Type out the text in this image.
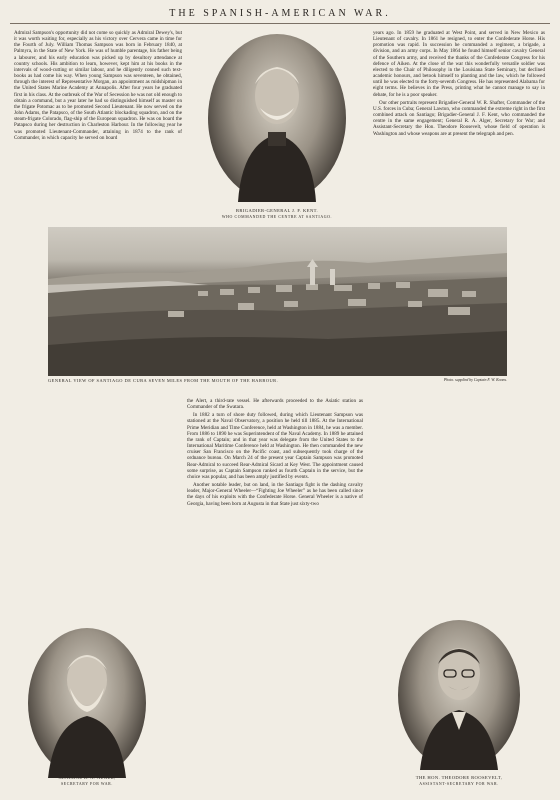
THE SPANISH-AMERICAN WAR.

Admiral Sampson's opportunity did not come so quickly as Admiral Dewey's, but it was worth waiting for, especially as his victory over Cervera came in time for the Fourth of July. William Thomas Sampson was born in February 1840, at Palmyra, in the State of New York. He was of humble parentage, his father being a labourer, and his early education was picked up by desultory attendance at country schools. His ambition to learn, however, kept him at his books in the intervals of wood-cutting or similar labour, and he diligently conned such text-books as had come his way. When young Sampson was seventeen, he obtained, through the interest of Representative Morgan, an appointment as midshipman in the United States Marine Academy at Annapolis. After four years he graduated first in his class. At the outbreak of the War of Secession he was not old enough to obtain a command, but a year later he had so distinguished himself as master on the frigate Potomac as to be promoted Second Lieutenant. He now served on the John Adams, the Patapsco, of the South Atlantic blockading squadron, and on the steam-frigate Colorado, flag-ship of the European squadron. He was on board the Patapsco during her destruction in Charleston Harbour. In the following year he was promoted Lieutenant-Commander, attaining in 1874 to the rank of Commander, in which capacity he served on board

BRIGADIER-GENERAL J. F. KENT.
WHO COMMANDED THE CENTRE AT SANTIAGO.

years ago. In 1859 he graduated at West Point, and served in New Mexico as Lieutenant of cavalry. In 1861 he resigned, to enter the Confederate Horse. His promotion was rapid. In succession he commanded a regiment, a brigade, a division, and an army corps. In May 1864 he found himself senior cavalry General of the Southern army, and received the thanks of the Confederate Congress for his defence of Aiken. At the close of the war this wonderfully versatile soldier was elected to the Chair of Philosophy in the Louisiana State Seminary, but declined academic honours, and betook himself to planting and the law, which he followed until he was elected to the forty-seventh Congress. He has represented Alabama for eight terms. He believes in the Press, printing what he cannot manage to say in debate, for he is a poor speaker.

Our other portraits represent Brigadier-General W. R. Shafter, Commander of the U.S. forces in Cuba; General Lawton, who commanded the extreme right in the first combined attack on Santiago; Brigadier-General J. F. Kent, who commanded the centre in the same engagement; General R. A. Alger, Secretary for War; and Assistant-Secretary the Hon. Theodore Roosevelt, whose field of operation is Washington and whose weapons are at present the telegraph and pen.

GENERAL VIEW OF SANTIAGO DE CUBA SEVEN MILES FROM THE MOUTH OF THE HARBOUR.	Photo. supplied by Captain F. W. Koons.
GENERAL R. A. ALGER,
SECRETARY FOR WAR.

the Alert, a third-rate vessel. He afterwards proceeded to the Asiatic station as Commander of the Swatara.

In 1882 a turn of shore duty followed, during which Lieutenant Sampson was stationed at the Naval Observatory, a position he held till 1885. At the International Prime Meridian and Time Conference, held at Washington in 1884, he was a member. From 1886 to 1890 he was Superintendent of the Naval Academy. In 1889 he attained the rank of Captain; and in that year was delegate from the United States to the International Maritime Conference held at Washington. He then commanded the new cruiser San Francisco on the Pacific coast, and subsequently took charge of the ordnance bureau. On March 24 of the present year Captain Sampson was promoted Rear-Admiral to succeed Rear-Admiral Sicard at Key West. The appointment caused some surprise, as Captain Sampson ranked as fourth Captain in the service, but the choice was popular, and has been amply justified by events.

Another notable leader, but on land, in the Santiago fight is the dashing cavalry leader, Major-General Wheeler—“Fighting Joe Wheeler” as he has been called since the days of his exploits with the Confederate Horse. General Wheeler is a native of Georgia, having been born at Augusta in that State just sixty-two

THE HON. THEODORE ROOSEVELT,
ASSISTANT-SECRETARY FOR WAR.
